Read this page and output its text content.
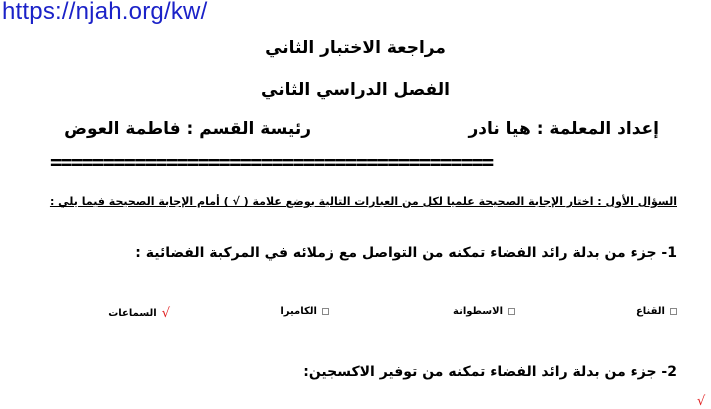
https://njah.org/kw/
مراجعة الاختبار الثاني
الفصل الدراسي الثاني
إعداد المعلمة : هيا نادر
رئيسة القسم : فاطمة العوض
==========================================
السؤال الأول : اختار الإجابة الصحيحة علميا لكل من العبارات التالية بوضع علامة ( √ ) أمام الإجابة الصحيحة فيما يلي :
1- جزء من بدلة رائد الفضاء تمكنه من التواصل مع زملائه في المركبة الفضائية :
القناع
الاسطوانة
الكاميرا
√
السماعات
2- جزء من بدلة رائد الفضاء تمكنه من توفير الاكسجين:
√
